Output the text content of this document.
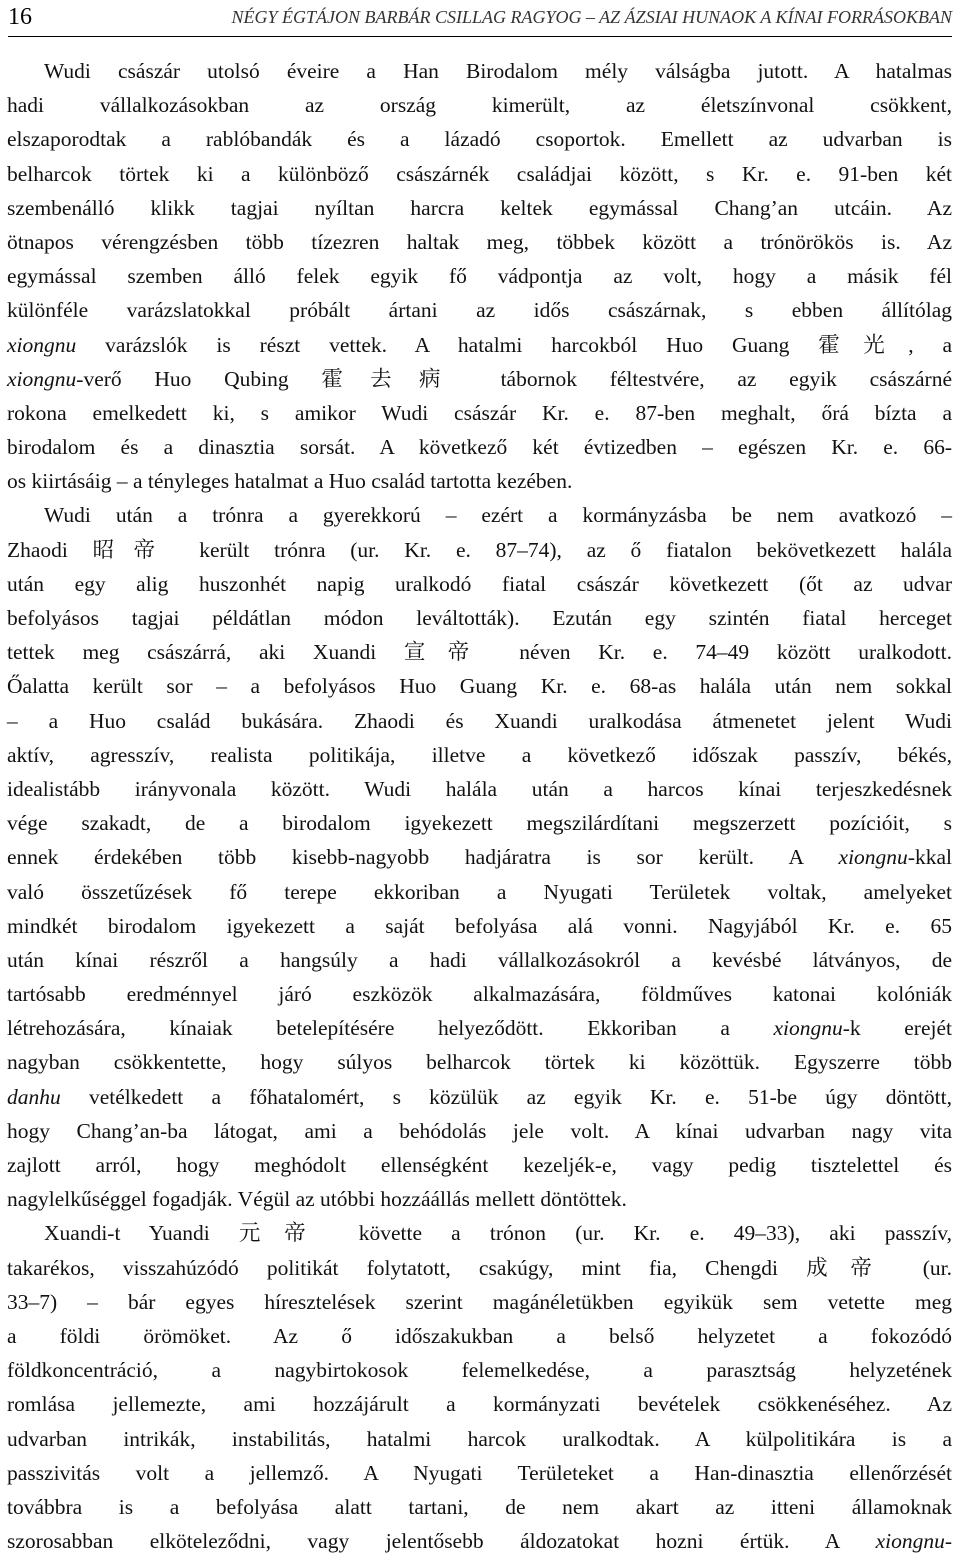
16	NÉGY ÉGTÁJON BARBÁR CSILLAG RAGYOG – AZ ÁZSIAI HUNAOK A KÍNAI FORRÁSOKBAN
Wudi császár utolsó éveire a Han Birodalom mély válságba jutott. A hatalmas
hadi vállalkozásokban az ország kimerült, az életszínvonal csökkent,
elszaporodtak a rablóbandák és a lázadó csoportok. Emellett az udvarban is
belharcok törtek ki a különböző császárnék családjai között, s Kr. e. 91-ben két
szembenálló klikk tagjai nyíltan harcra keltek egymással Chang’an utcáin. Az
ötnapos vérengzésben több tízezren haltak meg, többek között a trónörökös is. Az
egymással szemben álló felek egyik fő vádpontja az volt, hogy a másik fél
különféle varázslatokkal próbált ártani az idős császárnak, s ebben állítólag
xiongnu varázslók is részt vettek. A hatalmi harcokból Huo Guang 霍光, a
xiongnu-verő Huo Qubing 霍去病 tábornok féltestvére, az egyik császárné
rokona emelkedett ki, s amikor Wudi császár Kr. e. 87-ben meghalt, őrá bízta a
birodalom és a dinasztia sorsát. A következő két évtizedben – egészen Kr. e. 66-
os kiirtásáig – a tényleges hatalmat a Huo család tartotta kezében.
Wudi után a trónra a gyerekkorú – ezért a kormányzásba be nem avatkozó –
Zhaodi 昭帝 került trónra (ur. Kr. e. 87–74), az ő fiatalon bekövetkezett halála
után egy alig huszonhét napig uralkodó fiatal császár következett (őt az udvar
befolyásos tagjai példátlan módon leváltották). Ezután egy szintén fiatal herceget
tettek meg császárrá, aki Xuandi 宣帝 néven Kr. e. 74–49 között uralkodott.
Őalatta került sor – a befolyásos Huo Guang Kr. e. 68-as halála után nem sokkal
– a Huo család bukására. Zhaodi és Xuandi uralkodása átmenetet jelent Wudi
aktív, agresszív, realista politikája, illetve a következő időszak passzív, békés,
idealistább irányvonala között. Wudi halála után a harcos kínai terjeszkedésnek
vége szakadt, de a birodalom igyekezett megszilárdítani megszerzett pozícióit, s
ennek érdekében több kisebb-nagyobb hadjáratra is sor került. A xiongnu-kkal
való összetűzések fő terepe ekkoriban a Nyugati Területek voltak, amelyeket
mindkét birodalom igyekezett a saját befolyása alá vonni. Nagyjából Kr. e. 65
után kínai részről a hangsúly a hadi vállalkozásokról a kevésbé látványos, de
tartósabb eredménnyel járó eszközök alkalmazására, földműves katonai kolóniák
létrehozására, kínaiak betelepítésére helyeződött. Ekkoriban a xiongnu-k erejét
nagyban csökkentette, hogy súlyos belharcok törtek ki közöttük. Egyszerre több
danhu vetélkedett a főhatalomért, s közülük az egyik Kr. e. 51-be úgy döntött,
hogy Chang’an-ba látogat, ami a behódolás jele volt. A kínai udvarban nagy vita
zajlott arról, hogy meghódolt ellenségként kezeljék-e, vagy pedig tisztelettel és
nagylelkűséggel fogadják. Végül az utóbbi hozzáállás mellett döntöttek.
Xuandi-t Yuandi 元帝 követte a trónon (ur. Kr. e. 49–33), aki passzív,
takarékos, visszahúzódó politikát folytatott, csakúgy, mint fia, Chengdi 成帝 (ur.
33–7) – bár egyes híresztelések szerint magánéletükben egyikük sem vetette meg
a földi örömöket. Az ő időszakukban a belső helyzetet a fokozódó
földkoncentráció, a nagybirtokosok felemelkedése, a parasztság helyzetének
romlása jellemezte, ami hozzájárult a kormányzati bevételek csökkenéséhez. Az
udvarban intrikák, instabilitás, hatalmi harcok uralkodtak. A külpolitikára is a
passzivitás volt a jellemző. A Nyugati Területeket a Han-dinasztia ellenőrzését
továbbra is a befolyása alatt tartani, de nem akart az itteni államoknak
szorosabban elköteleződni, vagy jelentősebb áldozatokat hozni értük. A xiongnu-
